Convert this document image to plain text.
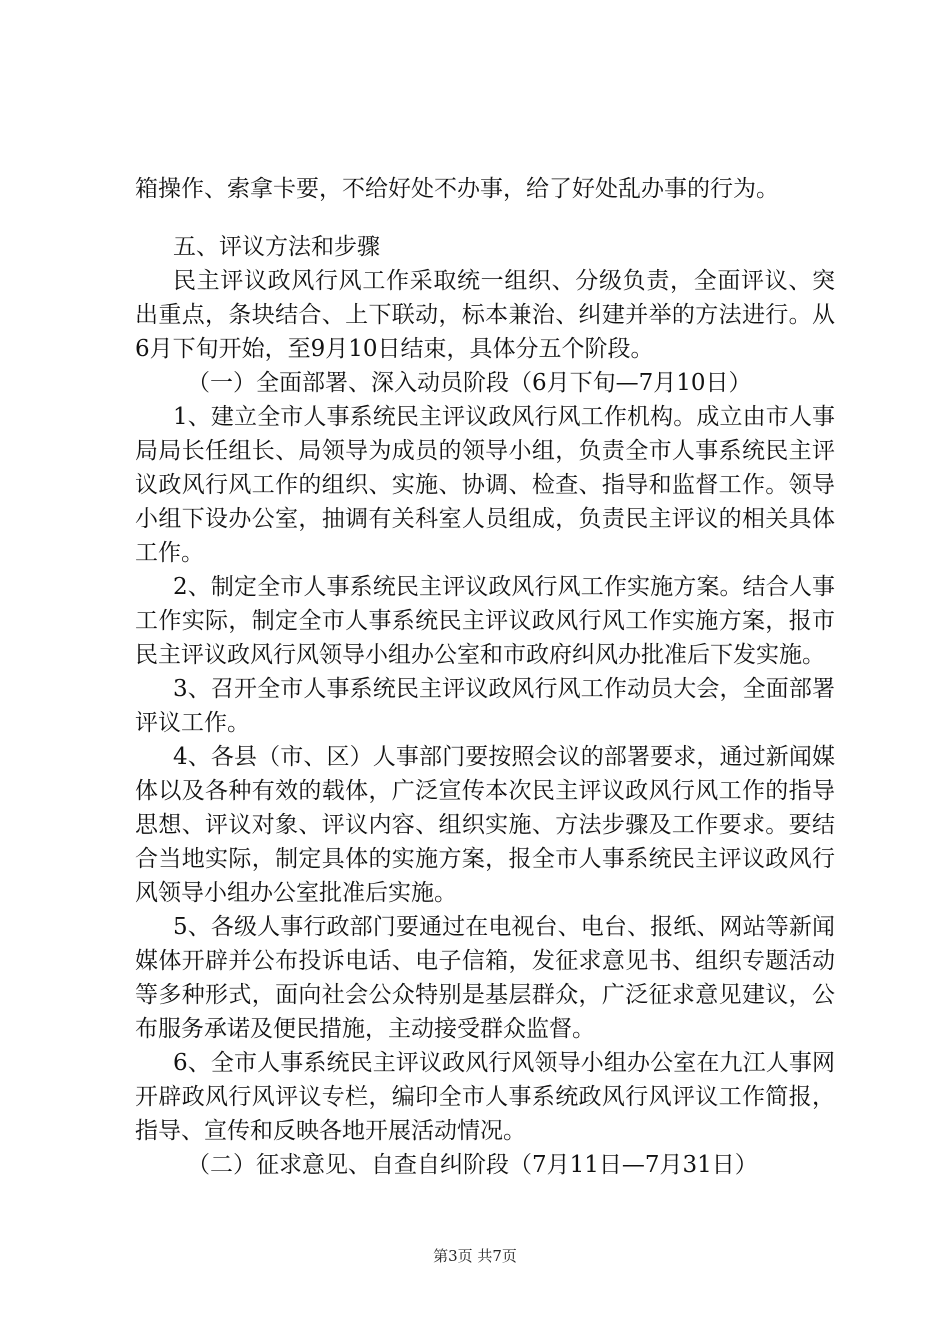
箱操作、索拿卡要，不给好处不办事，给了好处乱办事的行为。

五、评议方法和步骤

民主评议政风行风工作采取统一组织、分级负责，全面评议、突出重点，条块结合、上下联动，标本兼治、纠建并举的方法进行。从6月下旬开始，至9月10日结束，具体分五个阶段。

（一）全面部署、深入动员阶段（6月下旬—7月10日）

1、建立全市人事系统民主评议政风行风工作机构。成立由市人事局局长任组长、局领导为成员的领导小组，负责全市人事系统民主评议政风行风工作的组织、实施、协调、检查、指导和监督工作。领导小组下设办公室，抽调有关科室人员组成，负责民主评议的相关具体工作。

2、制定全市人事系统民主评议政风行风工作实施方案。结合人事工作实际，制定全市人事系统民主评议政风行风工作实施方案，报市民主评议政风行风领导小组办公室和市政府纠风办批准后下发实施。

3、召开全市人事系统民主评议政风行风工作动员大会，全面部署评议工作。

4、各县（市、区）人事部门要按照会议的部署要求，通过新闻媒体以及各种有效的载体，广泛宣传本次民主评议政风行风工作的指导思想、评议对象、评议内容、组织实施、方法步骤及工作要求。要结合当地实际，制定具体的实施方案，报全市人事系统民主评议政风行风领导小组办公室批准后实施。

5、各级人事行政部门要通过在电视台、电台、报纸、网站等新闻媒体开辟并公布投诉电话、电子信箱，发征求意见书、组织专题活动等多种形式，面向社会公众特别是基层群众，广泛征求意见建议，公布服务承诺及便民措施，主动接受群众监督。

6、全市人事系统民主评议政风行风领导小组办公室在九江人事网开辟政风行风评议专栏，编印全市人事系统政风行风评议工作简报，指导、宣传和反映各地开展活动情况。

（二）征求意见、自查自纠阶段（7月11日—7月31日）

第3页 共7页
